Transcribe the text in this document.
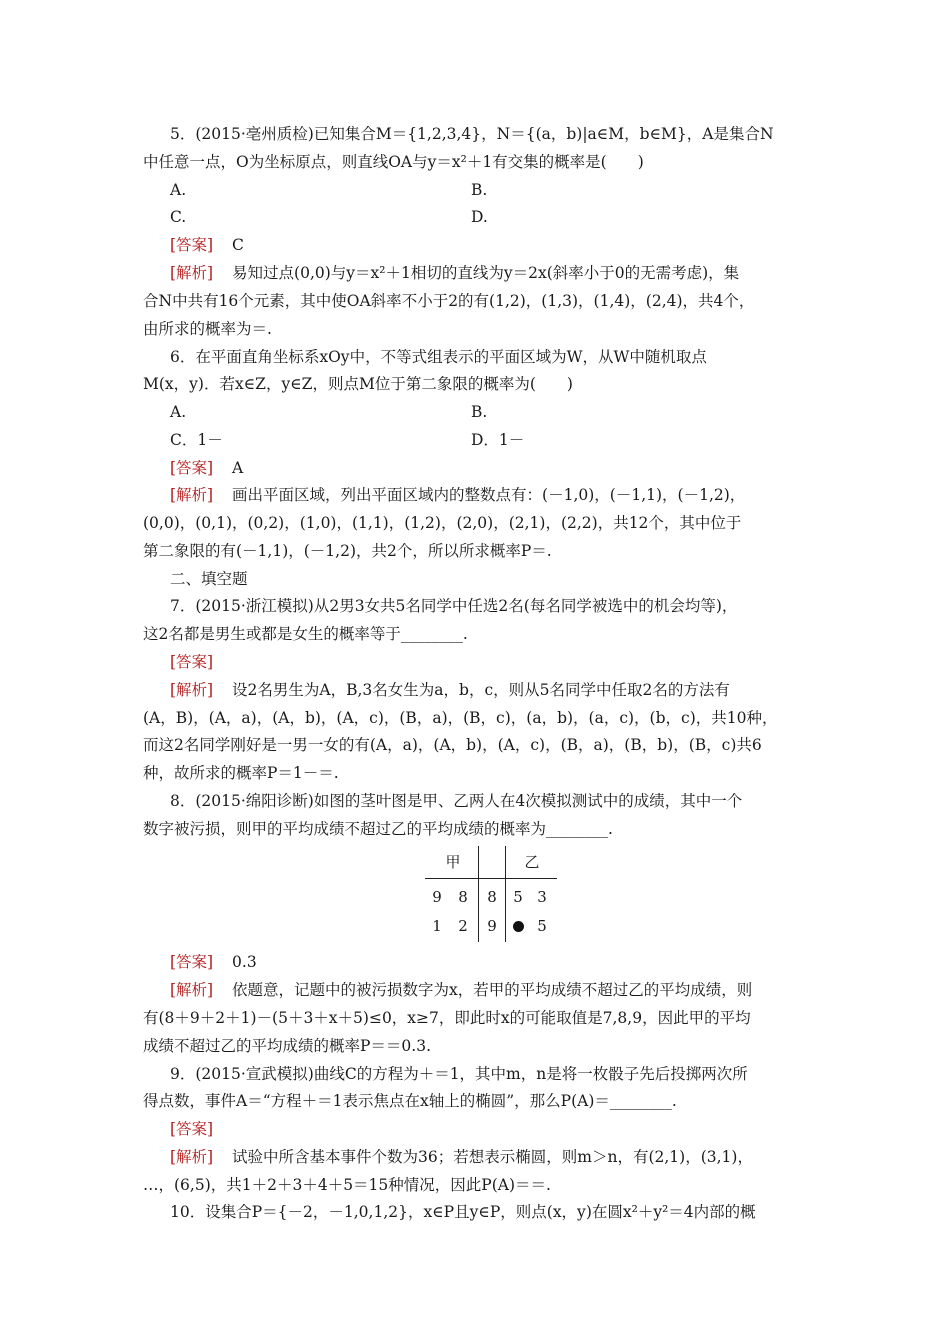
5．(2015·亳州质检)已知集合M＝{1,2,3,4}，N＝{(a，b)|a∈M，b∈M}，A是集合N
中任意一点，O为坐标原点，则直线OA与y＝x²＋1有交集的概率是(　　)
A.	B.
C.	D.
[答案] C
[解析] 易知过点(0,0)与y＝x²＋1相切的直线为y＝2x(斜率小于0的无需考虑)，集
合N中共有16个元素，其中使OA斜率不小于2的有(1,2)，(1,3)，(1,4)，(2,4)，共4个，
由所求的概率为＝.
6．在平面直角坐标系xOy中，不等式组表示的平面区域为W，从W中随机取点
M(x，y)．若x∈Z，y∈Z，则点M位于第二象限的概率为(　　)
A.	B.
C．1－	D．1－
[答案] A
[解析] 画出平面区域，列出平面区域内的整数点有：(－1,0)，(－1,1)，(－1,2)，
(0,0)，(0,1)，(0,2)，(1,0)，(1,1)，(1,2)，(2,0)，(2,1)，(2,2)，共12个，其中位于
第二象限的有(－1,1)，(－1,2)，共2个，所以所求概率P＝.
二、填空题
7．(2015·浙江模拟)从2男3女共5名同学中任选2名(每名同学被选中的机会均等)，
这2名都是男生或都是女生的概率等于________.
[答案]
[解析] 设2名男生为A，B,3名女生为a，b，c，则从5名同学中任取2名的方法有
(A，B)，(A，a)，(A，b)，(A，c)，(B，a)，(B，c)，(a，b)，(a，c)，(b，c)，共10种，
而这2名同学刚好是一男一女的有(A，a)，(A，b)，(A，c)，(B，a)，(B，b)，(B，c)共6
种，故所求的概率P＝1－＝.
8．(2015·绵阳诊断)如图的茎叶图是甲、乙两人在4次模拟测试中的成绩，其中一个
数字被污损，则甲的平均成绩不超过乙的平均成绩的概率为________.
甲	乙
9	8	8	5 3
1	2	9	5
[答案] 0.3
[解析] 依题意，记题中的被污损数字为x，若甲的平均成绩不超过乙的平均成绩，则
有(8＋9＋2＋1)－(5＋3＋x＋5)≤0，x≥7，即此时x的可能取值是7,8,9，因此甲的平均
成绩不超过乙的平均成绩的概率P＝＝0.3.
9．(2015·宣武模拟)曲线C的方程为＋＝1，其中m，n是将一枚骰子先后投掷两次所
得点数，事件A＝“方程＋＝1表示焦点在x轴上的椭圆”，那么P(A)＝________.
[答案]
[解析] 试验中所含基本事件个数为36；若想表示椭圆，则m＞n，有(2,1)，(3,1)，
…，(6,5)，共1＋2＋3＋4＋5＝15种情况，因此P(A)＝＝.
10．设集合P＝{－2，－1,0,1,2}，x∈P且y∈P，则点(x，y)在圆x²＋y²＝4内部的概
